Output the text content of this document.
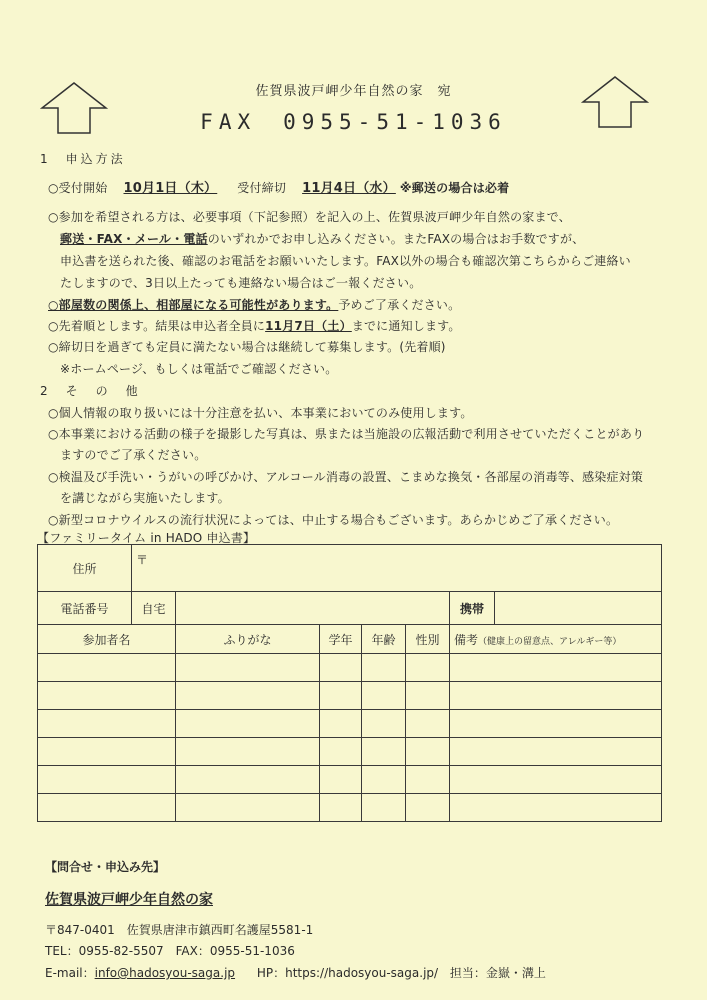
佐賀県波戸岬少年自然の家　宛
FAX　0955-51-1036
1　申込方法
○受付開始 10月1日（木） 受付締切 11月4日（水） ※郵送の場合は必着
○参加を希望される方は、必要事項（下記参照）を記入の上、佐賀県波戸岬少年自然の家まで、
郵送・FAX・メール・電話のいずれかでお申し込みください。またFAXの場合はお手数ですが、
申込書を送られた後、確認のお電話をお願いいたします。FAX以外の場合も確認次第こちらからご連絡い
たしますので、3日以上たっても連絡ない場合はご一報ください。
○部屋数の関係上、相部屋になる可能性があります。予めご了承ください。
○先着順とします。結果は申込者全員に11月7日（土）までに通知します。
○締切日を過ぎても定員に満たない場合は継続して募集します。(先着順)
※ホームページ、もしくは電話でご確認ください。
2　そ　の　他
○個人情報の取り扱いには十分注意を払い、本事業においてのみ使用します。
○本事業における活動の様子を撮影した写真は、県または当施設の広報活動で利用させていただくことがあり
ますのでご了承ください。
○検温及び手洗い・うがいの呼びかけ、アルコール消毒の設置、こまめな換気・各部屋の消毒等、感染症対策
を講じながら実施いたします。
○新型コロナウイルスの流行状況によっては、中止する場合もございます。あらかじめご了承ください。
【ファミリータイム in HADO 申込書】
住所	〒						
電話番号	自宅					携帯	
参加者名		ふりがな	学年	年齢	性別	備考（健康上の留意点、アレルギー等）	

【問合せ・申込み先】
佐賀県波戸岬少年自然の家
〒847-0401　佐賀県唐津市鎮西町名護屋5581-1
TEL：0955-82-5507　FAX：0955-51-1036
E-mail：info@hadosyou-saga.jp HP：https://hadosyou-saga.jp/ 担当：金嶽・溝上
